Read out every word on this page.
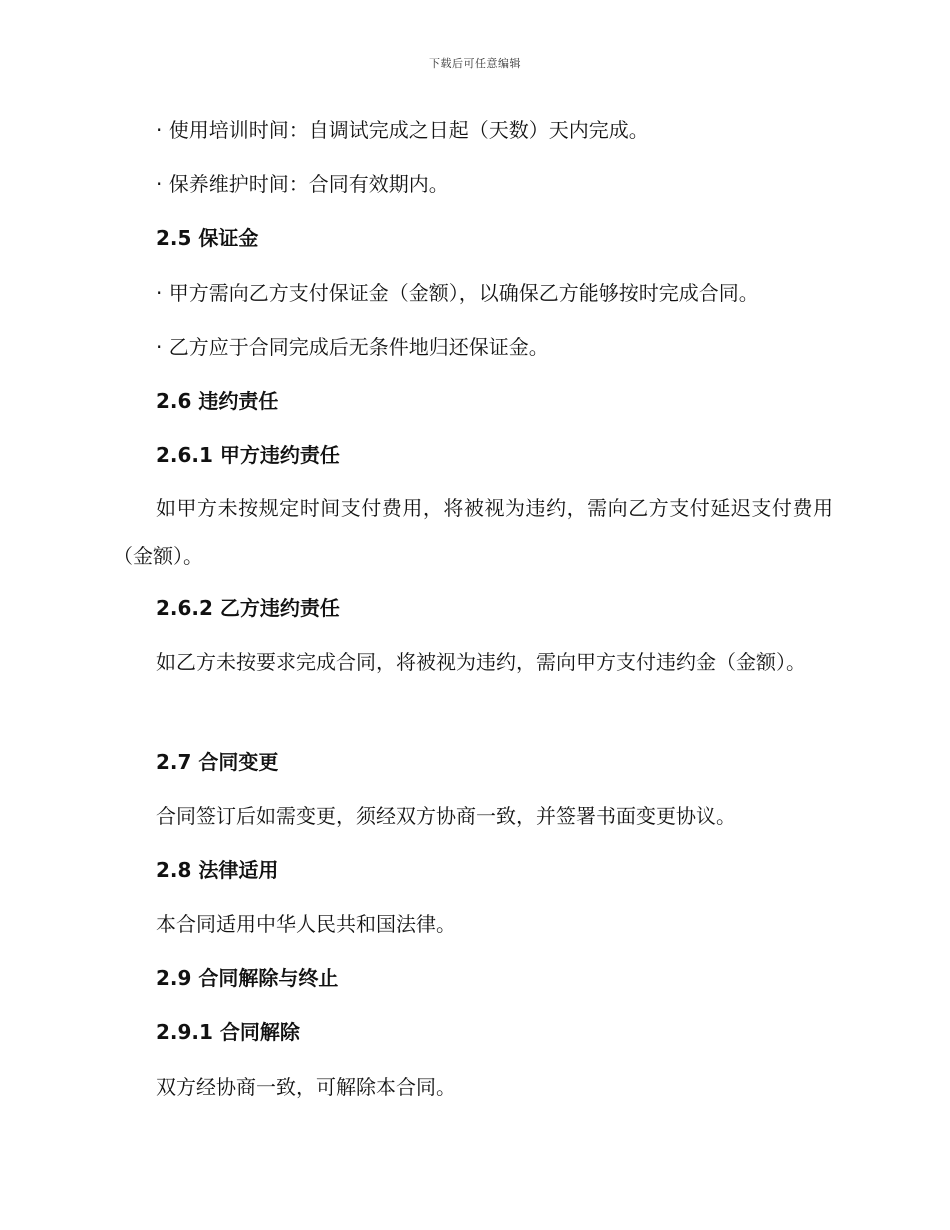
下载后可任意编辑
· 使用培训时间：自调试完成之日起（天数）天内完成。
· 保养维护时间：合同有效期内。
2.5 保证金
· 甲方需向乙方支付保证金（金额），以确保乙方能够按时完成合同。
· 乙方应于合同完成后无条件地归还保证金。
2.6 违约责任
2.6.1 甲方违约责任
如甲方未按规定时间支付费用，将被视为违约，需向乙方支付延迟支付费用（金额）。
2.6.2 乙方违约责任
如乙方未按要求完成合同，将被视为违约，需向甲方支付违约金（金额）。
2.7 合同变更
合同签订后如需变更，须经双方协商一致，并签署书面变更协议。
2.8 法律适用
本合同适用中华人民共和国法律。
2.9 合同解除与终止
2.9.1 合同解除
双方经协商一致，可解除本合同。
